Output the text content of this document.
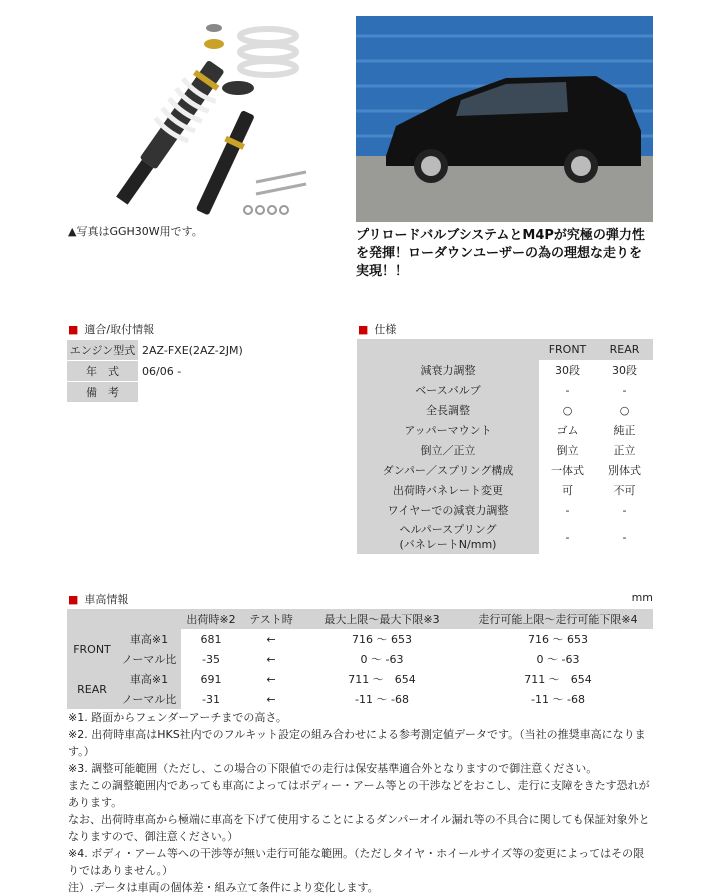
▲写真はGGH30W用です。	プリロードバルブシステムとM4Pが究極の弾力性を発揮！ローダウンユーザーの為の理想な走りを実現！！
■ 適合/取付情報
エンジン型式	2AZ-FXE(2AZ-2JM)
年　式	06/06 -
備　考	
■ 仕様
	FRONT	REAR
減衰力調整	30段	30段
ベースバルブ	-	-
全長調整	○	○
アッパーマウント	ゴム	純正
倒立／正立	倒立	正立
ダンパー／スプリング構成	一体式	別体式
出荷時バネレート変更	可	不可
ワイヤーでの減衰力調整	-	-

ヘルパースプリング
(バネレートN/mm)	-	-
■ 車高情報	mm
		出荷時※2	テスト時	最大上限～最大下限※3	走行可能上限～走行可能下限※4
FRONT	車高※1	681	←	716 ～ 653	716 ～ 653
	ノーマル比	-35	←	0 ～ -63	0 ～ -63
REAR	車高※1	691	←	711 ～　654	711 ～　654
	ノーマル比	-31	←	-11 ～ -68	-11 ～ -68
※1. 路面からフェンダーアーチまでの高さ。
※2. 出荷時車高はHKS社内でのフルキット設定の組み合わせによる参考測定値データです。（当社の推奨車高になります。）
※3. 調整可能範囲（ただし、この場合の下限値での走行は保安基準適合外となりますので御注意ください。
またこの調整範囲内であっても車高によってはボディー・アーム等との干渉などをおこし、走行に支障をきたす恐れがあります。
なお、出荷時車高から極端に車高を下げて使用することによるダンパーオイル漏れ等の不具合に関しても保証対象外となりますので、御注意ください。）
※4. ボディ・アーム等への干渉等が無い走行可能な範囲。（ただしタイヤ・ホイールサイズ等の変更によってはその限りではありません。）
注）.データは車両の個体差・組み立て条件により変化します。
